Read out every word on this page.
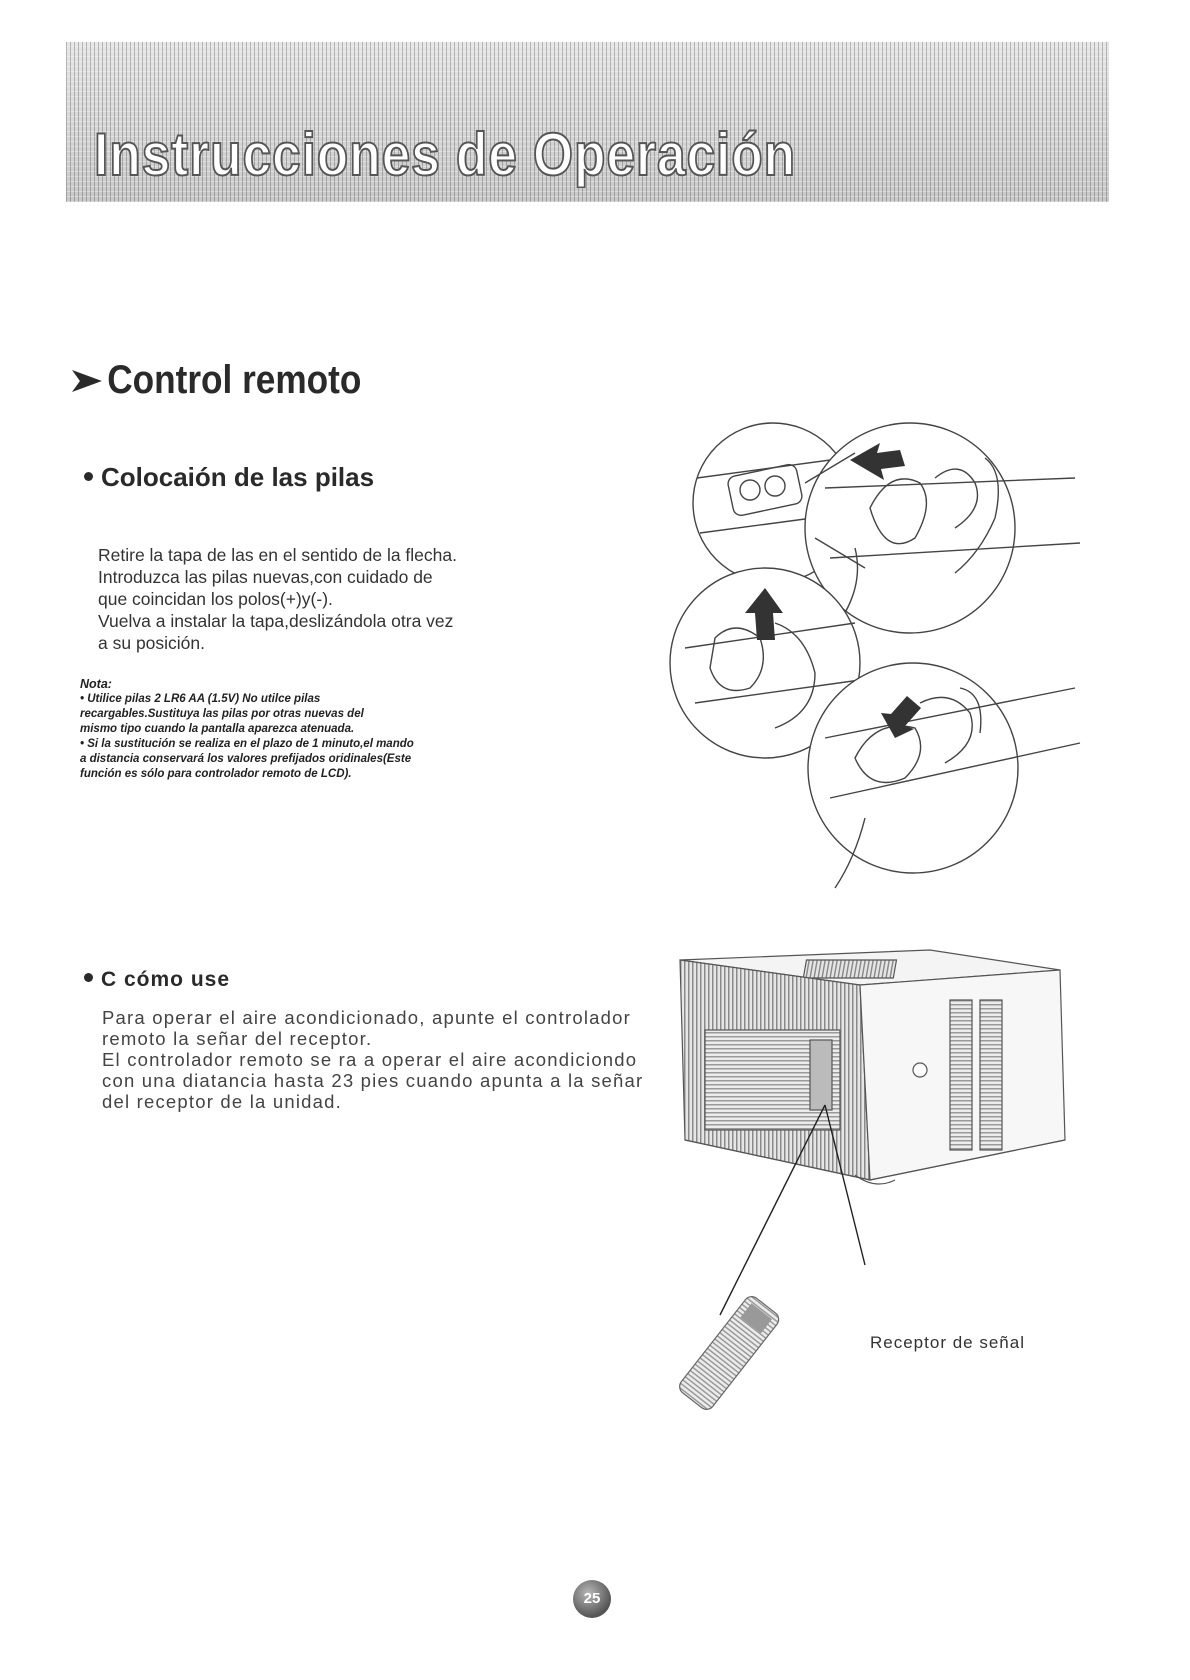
Instrucciones de Operación
Control remoto
Colocaión de las pilas
Retire la tapa de las en el sentido de la flecha.
Introduzca las pilas nuevas,con cuidado de
que coincidan los polos(+)y(-).
Vuelva a instalar la tapa,deslizándola otra vez
a su posición.
Nota:
• Utilice pilas 2 LR6 AA (1.5V) No utilce pilas
recargables.Sustituya las pilas por otras nuevas del
mismo tipo cuando la pantalla aparezca atenuada.
• Si la sustitución se realiza en el plazo de 1 minuto,el mando
a distancia conservará los valores prefijados oridinales(Este
función es sólo para controlador remoto de LCD).
C cómo use
Para operar el aire acondicionado, apunte el controlador
remoto la señar del receptor.
El controlador remoto se ra a operar el aire acondiciondo
con una diatancia hasta 23 pies cuando apunta a la señar
del receptor de la unidad.
Receptor de señal
25
